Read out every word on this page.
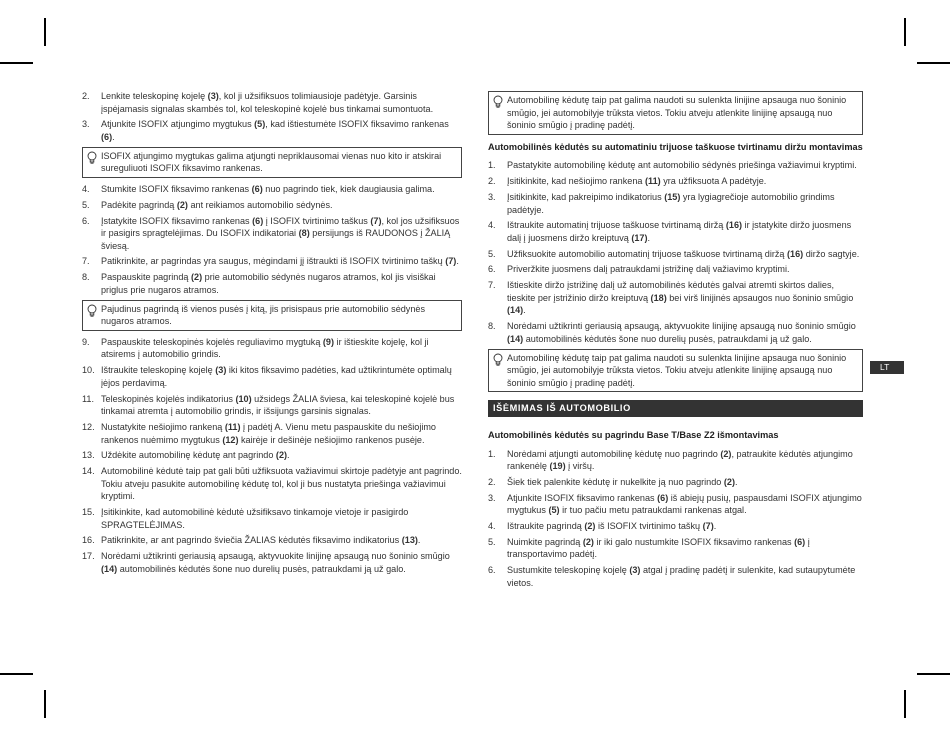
2. Lenkite teleskopinę kojelę (3), kol ji užsifiksuos tolimiausioje padėtyje. Garsinis įspėjamasis signalas skambės tol, kol teleskopinė kojelė bus tinkamai sumontuota.
3. Atjunkite ISOFIX atjungimo mygtukus (5), kad ištiestumėte ISOFIX fiksavimo rankenas (6).
ISOFIX atjungimo mygtukas galima atjungti nepriklausomai vienas nuo kito ir atskirai sureguliuoti ISOFIX fiksavimo rankenas.
4. Stumkite ISOFIX fiksavimo rankenas (6) nuo pagrindo tiek, kiek daugiausia galima.
5. Padėkite pagrindą (2) ant reikiamos automobilio sėdynės.
6. Įstatykite ISOFIX fiksavimo rankenas (6) į ISOFIX tvirtinimo taškus (7), kol jos užsifiksuos ir pasigirs spragtelėjimas. Du ISOFIX indikatoriai (8) persijungs iš RAUDONOS į ŽALIĄ šviesą.
7. Patikrinkite, ar pagrindas yra saugus, mėgindami jį ištraukti iš ISOFIX tvirtinimo taškų (7).
8. Paspauskite pagrindą (2) prie automobilio sėdynės nugaros atramos, kol jis visiškai priglus prie nugaros atramos.
Pajudinus pagrindą iš vienos pusės į kitą, jis prisispaus prie automobilio sėdynės nugaros atramos.
9. Paspauskite teleskopinės kojelės reguliavimo mygtuką (9) ir ištieskite kojelę, kol ji atsirems į automobilio grindis.
10. Ištraukite teleskopinę kojelę (3) iki kitos fiksavimo padėties, kad užtikrintumėte optimalų įėjos perdavimą.
11. Teleskopinės kojelės indikatorius (10) užsidegs ŽALIA šviesa, kai teleskopinė kojelė bus tinkamai atremta į automobilio grindis, ir išsijungs garsinis signalas.
12. Nustatykite nešiojimo rankeną (11) į padėtį A. Vienu metu paspauskite du nešiojimo rankenos nuėmimo mygtukus (12) kairėje ir dešinėje nešiojimo rankenos pusėje.
13. Uždėkite automobilinę kėdutę ant pagrindo (2).
14. Automobilinė kėdutė taip pat gali būti užfiksuota važiavimui skirtoje padėtyje ant pagrindo. Tokiu atveju pasukite automobilinę kėdutę tol, kol ji bus nustatyta priešinga važiavimui kryptimi.
15. Įsitikinkite, kad automobilinė kėdutė užsifiksavo tinkamoje vietoje ir pasigirdo SPRAGTELĖJIMAS.
16. Patikrinkite, ar ant pagrindo šviečia ŽALIAS kėdutės fiksavimo indikatorius (13).
17. Norėdami užtikrinti geriausią apsaugą, aktyvuokite linijinę apsaugą nuo šoninio smūgio (14) automobilinės kėdutės šone nuo durelių pusės, patraukdami ją už galo.
Automobilinę kėdutę taip pat galima naudoti su sulenkta linijine apsauga nuo šoninio smūgio, jei automobilyje trūksta vietos. Tokiu atveju atlenkite linijinę apsaugą nuo šoninio smūgio į pradinę padėtį.
Automobilinės kėdutės su automatiniu trijuose taškuose tvirtinamu diržu montavimas
1. Pastatykite automobilinę kėdutę ant automobilio sėdynės priešinga važiavimui kryptimi.
2. Įsitikinkite, kad nešiojimo rankena (11) yra užfiksuota A padėtyje.
3. Įsitikinkite, kad pakreipimo indikatorius (15) yra lygiagrečioje automobilio grindims padėtyje.
4. Ištraukite automatinį trijuose taškuose tvirtinamą diržą (16) ir įstatykite diržo juosmens dalį į juosmens diržo kreiptuvą (17).
5. Užfiksuokite automobilio automatinį trijuose taškuose tvirtinamą diržą (16) diržo sagtyje.
6. Priveržkite juosmens dalį patraukdami įstrižinę dalį važiavimo kryptimi.
7. Ištieskite diržo įstrižinę dalį už automobilinės kėdutės galvai atremti skirtos dalies, tieskite per įstrižinio diržo kreiptuvą (18) bei virš linijinės apsaugos nuo šoninio smūgio (14).
8. Norėdami užtikrinti geriausią apsaugą, aktyvuokite linijinę apsaugą nuo šoninio smūgio (14) automobilinės kėdutės šone nuo durelių pusės, patraukdami ją už galo.
Automobilinę kėdutę taip pat galima naudoti su sulenkta linijine apsauga nuo šoninio smūgio, jei automobilyje trūksta vietos. Tokiu atveju atlenkite linijinę apsaugą nuo šoninio smūgio į pradinę padėtį.
IŠĖMIMAS IŠ AUTOMOBILIO
Automobilinės kėdutės su pagrindu Base T/Base Z2 išmontavimas
1. Norėdami atjungti automobilinę kėdutę nuo pagrindo (2), patraukite kėdutės atjungimo rankenėlę (19) į viršų.
2. Šiek tiek palenkite kėdutę ir nukelkite ją nuo pagrindo (2).
3. Atjunkite ISOFIX fiksavimo rankenas (6) iš abiejų pusių, paspausdami ISOFIX atjungimo mygtukus (5) ir tuo pačiu metu patraukdami rankenas atgal.
4. Ištraukite pagrindą (2) iš ISOFIX tvirtinimo taškų (7).
5. Nuimkite pagrindą (2) ir iki galo nustumkite ISOFIX fiksavimo rankenas (6) į transportavimo padėtį.
6. Sustumkite teleskopinę kojelę (3) atgal į pradinę padėtį ir sulenkite, kad sutaupytumėte vietos.
LT
